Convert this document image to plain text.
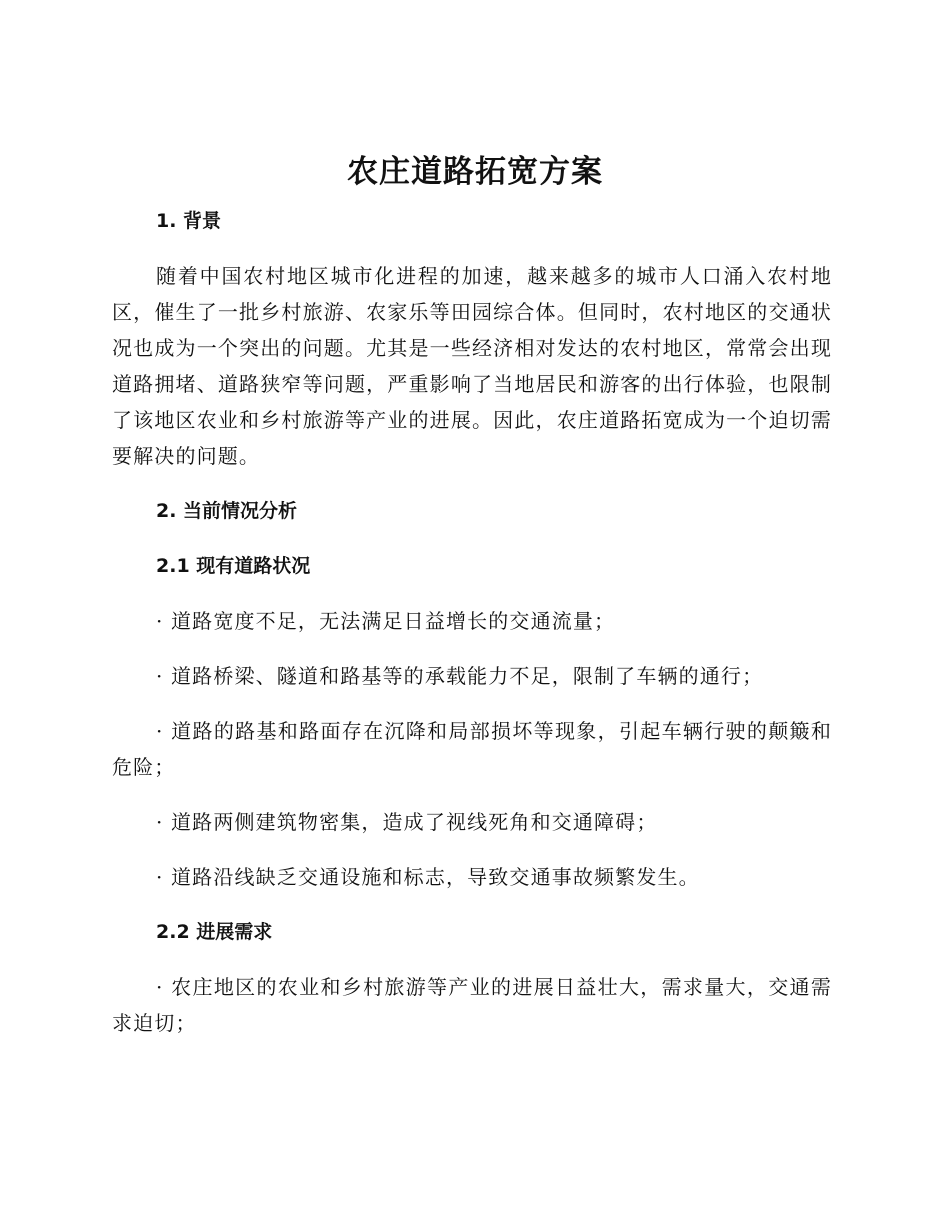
农庄道路拓宽方案
1. 背景

随着中国农村地区城市化进程的加速，越来越多的城市人口涌入农村地区，催生了一批乡村旅游、农家乐等田园综合体。但同时，农村地区的交通状况也成为一个突出的问题。尤其是一些经济相对发达的农村地区，常常会出现道路拥堵、道路狭窄等问题，严重影响了当地居民和游客的出行体验，也限制了该地区农业和乡村旅游等产业的进展。因此，农庄道路拓宽成为一个迫切需要解决的问题。

2. 当前情况分析
2.1 现有道路状况

· 道路宽度不足，无法满足日益增长的交通流量；

· 道路桥梁、隧道和路基等的承载能力不足，限制了车辆的通行；

· 道路的路基和路面存在沉降和局部损坏等现象，引起车辆行驶的颠簸和危险；

· 道路两侧建筑物密集，造成了视线死角和交通障碍；

· 道路沿线缺乏交通设施和标志，导致交通事故频繁发生。

2.2 进展需求

· 农庄地区的农业和乡村旅游等产业的进展日益壮大，需求量大，交通需求迫切；
